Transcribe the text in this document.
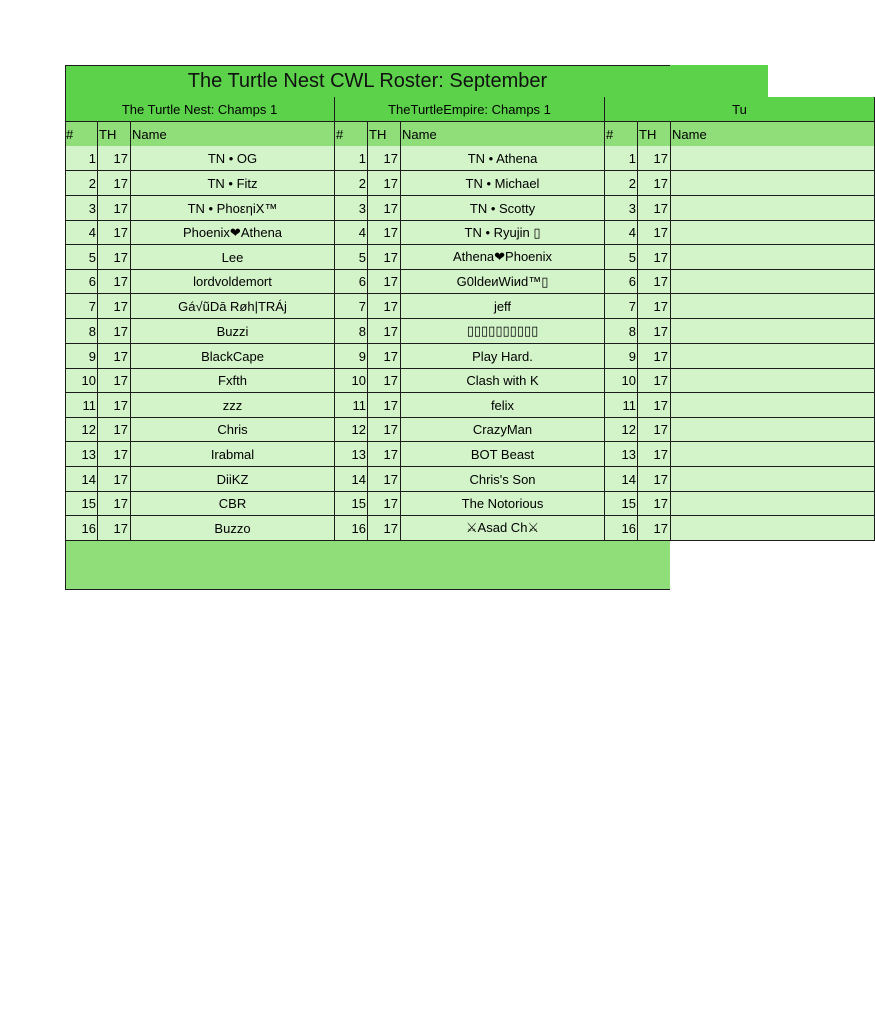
The Turtle Nest CWL Roster: September
The Turtle Nest: Champs 1
#	TH	Name
1	17	TN • OG
2	17	TN • Fitz
3	17	TN • PhoεηiX™
4	17	Phoenix❤Athena
5	17	Lee
6	17	lordvoldemort
7	17	Gá√ũDā Røh|TRÁj
8	17	Buzzi
9	17	BlackCape
10	17	Fxfth
11	17	zzz
12	17	Chris
13	17	Irabmal
14	17	DiiKZ
15	17	CBR
16	17	Buzzo
TheTurtleEmpire: Champs 1
#	TH	Name
1	17	TN • Athena
2	17	TN • Michael
3	17	TN • Scotty
4	17	TN • Ryujin ▯
5	17	Athena❤Phoenix
6	17	G0ldeиWiиd™▯
7	17	jeff
8	17	▯▯▯▯▯▯▯▯▯▯
9	17	Play Hard.
10	17	Clash with K
11	17	felix
12	17	CrazyMan
13	17	BOT Beast
14	17	Chris's Son
15	17	The Notorious
16	17	⚔Asad Ch⚔
Tu
#	TH	Name
1	17
2	17
3	17
4	17
5	17
6	17
7	17
8	17
9	17
10	17
11	17
12	17
13	17
14	17
15	17
16	17
